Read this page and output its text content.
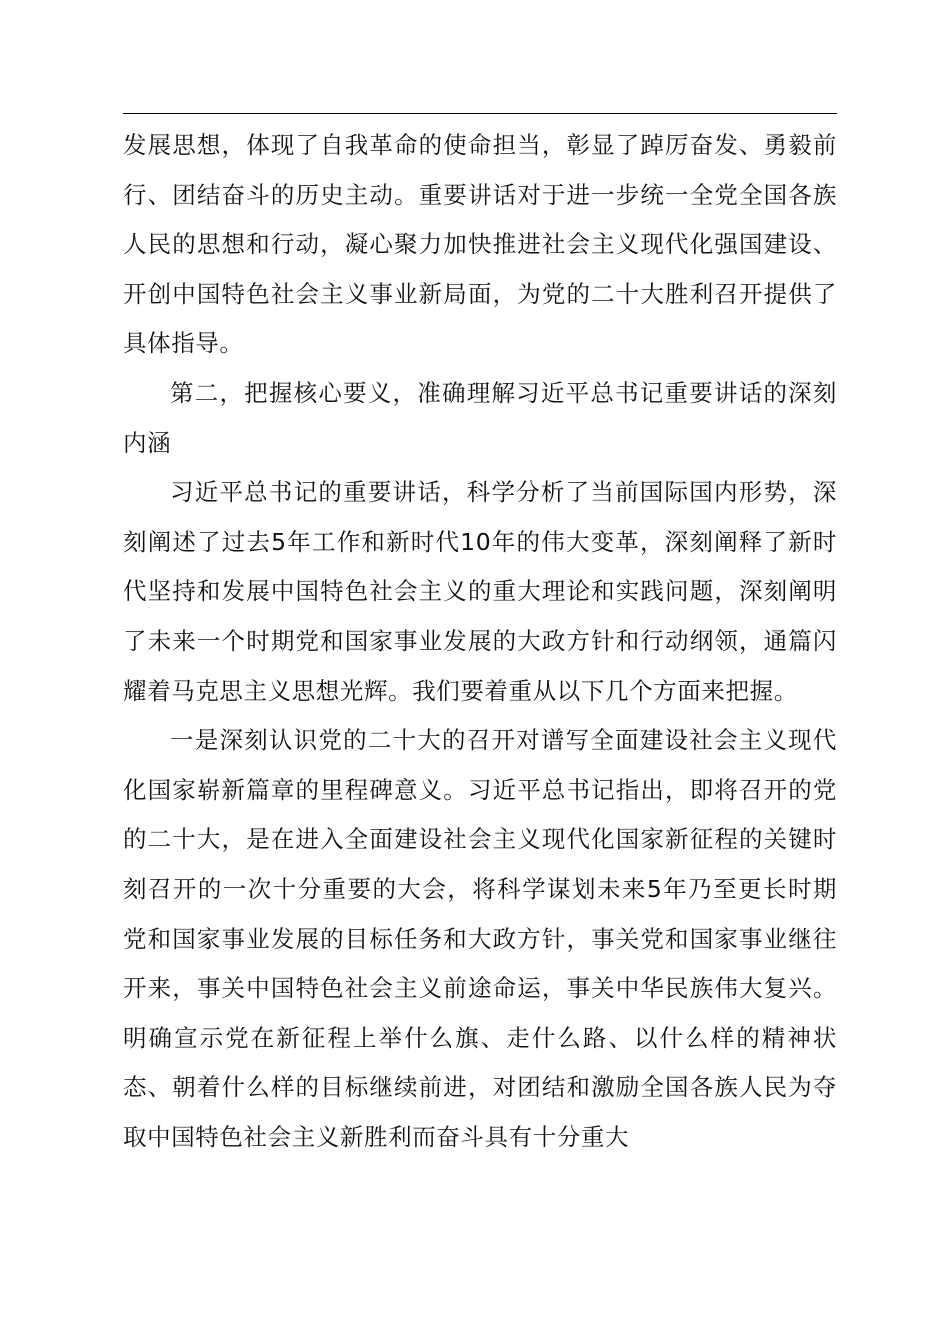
发展思想，体现了自我革命的使命担当，彰显了踔厉奋发、勇毅前行、团结奋斗的历史主动。重要讲话对于进一步统一全党全国各族人民的思想和行动，凝心聚力加快推进社会主义现代化强国建设、开创中国特色社会主义事业新局面，为党的二十大胜利召开提供了具体指导。

第二，把握核心要义，准确理解习近平总书记重要讲话的深刻内涵

习近平总书记的重要讲话，科学分析了当前国际国内形势，深刻阐述了过去5年工作和新时代10年的伟大变革，深刻阐释了新时代坚持和发展中国特色社会主义的重大理论和实践问题，深刻阐明了未来一个时期党和国家事业发展的大政方针和行动纲领，通篇闪耀着马克思主义思想光辉。我们要着重从以下几个方面来把握。

一是深刻认识党的二十大的召开对谱写全面建设社会主义现代化国家崭新篇章的里程碑意义。习近平总书记指出，即将召开的党的二十大，是在进入全面建设社会主义现代化国家新征程的关键时刻召开的一次十分重要的大会，将科学谋划未来5年乃至更长时期党和国家事业发展的目标任务和大政方针，事关党和国家事业继往开来，事关中国特色社会主义前途命运，事关中华民族伟大复兴。明确宣示党在新征程上举什么旗、走什么路、以什么样的精神状态、朝着什么样的目标继续前进，对团结和激励全国各族人民为夺取中国特色社会主义新胜利而奋斗具有十分重大
